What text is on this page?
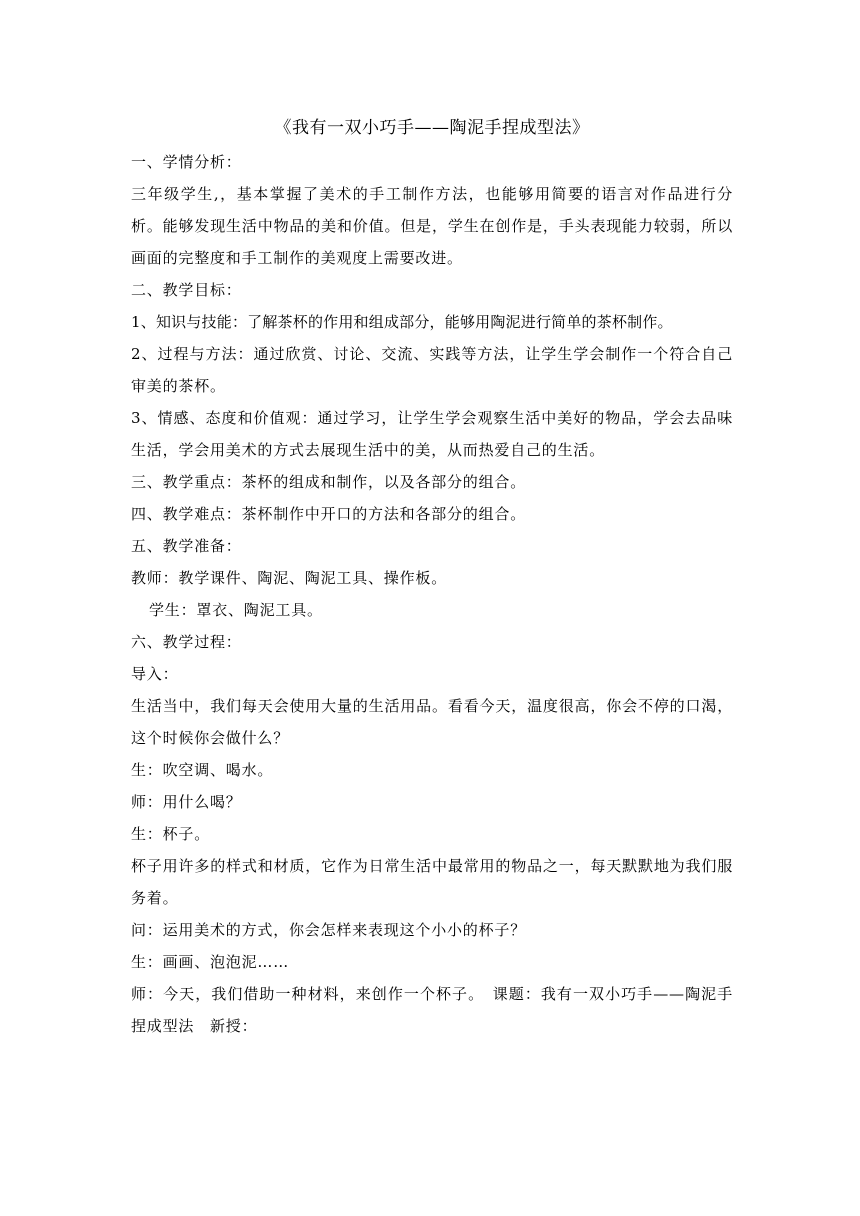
《我有一双小巧手——陶泥手捏成型法》

一、学情分析：

三年级学生,，基本掌握了美术的手工制作方法，也能够用简要的语言对作品进行分析。能够发现生活中物品的美和价值。但是，学生在创作是，手头表现能力较弱，所以画面的完整度和手工制作的美观度上需要改进。

二、教学目标：

1、知识与技能：了解茶杯的作用和组成部分，能够用陶泥进行简单的茶杯制作。

2、过程与方法：通过欣赏、讨论、交流、实践等方法，让学生学会制作一个符合自己审美的茶杯。

3、情感、态度和价值观：通过学习，让学生学会观察生活中美好的物品，学会去品味生活，学会用美术的方式去展现生活中的美，从而热爱自己的生活。

三、教学重点：茶杯的组成和制作，以及各部分的组合。

四、教学难点：茶杯制作中开口的方法和各部分的组合。

五、教学准备：

教师：教学课件、陶泥、陶泥工具、操作板。

学生：罩衣、陶泥工具。

六、教学过程：

导入：

生活当中，我们每天会使用大量的生活用品。看看今天，温度很高，你会不停的口渴，这个时候你会做什么？

生：吹空调、喝水。

师：用什么喝？

生：杯子。

杯子用许多的样式和材质，它作为日常生活中最常用的物品之一，每天默默地为我们服务着。

问：运用美术的方式，你会怎样来表现这个小小的杯子？

生：画画、泡泡泥……

师：今天，我们借助一种材料，来创作一个杯子。　课题：我有一双小巧手——陶泥手捏成型法　新授：
